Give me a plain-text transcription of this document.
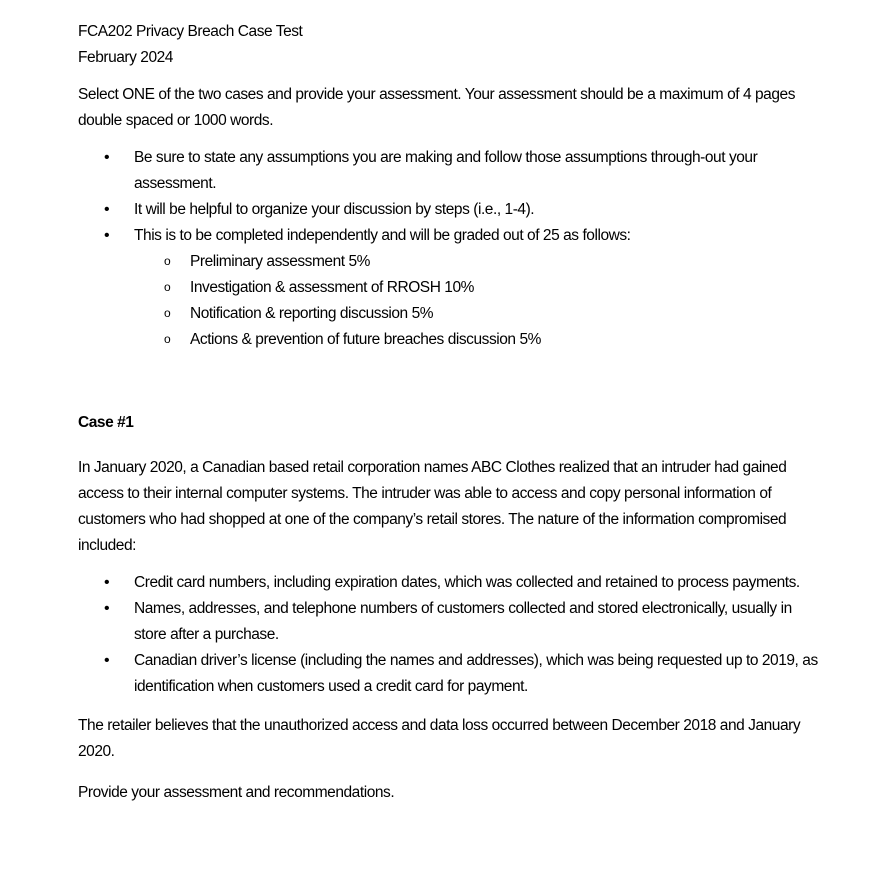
FCA202 Privacy Breach Case Test

February 2024

Select ONE of the two cases and provide your assessment. Your assessment should be a maximum of 4 pages double spaced or 1000 words.

• Be sure to state any assumptions you are making and follow those assumptions through-out your assessment.
• It will be helpful to organize your discussion by steps (i.e., 1-4).
• This is to be completed independently and will be graded out of 25 as follows:
o Preliminary assessment 5%
o Investigation & assessment of RROSH 10%
o Notification & reporting discussion 5%
o Actions & prevention of future breaches discussion 5%

Case #1

In January 2020, a Canadian based retail corporation names ABC Clothes realized that an intruder had gained access to their internal computer systems. The intruder was able to access and copy personal information of customers who had shopped at one of the company’s retail stores. The nature of the information compromised included:

• Credit card numbers, including expiration dates, which was collected and retained to process payments.
• Names, addresses, and telephone numbers of customers collected and stored electronically, usually in store after a purchase.
• Canadian driver’s license (including the names and addresses), which was being requested up to 2019, as identification when customers used a credit card for payment.

The retailer believes that the unauthorized access and data loss occurred between December 2018 and January 2020.

Provide your assessment and recommendations.
